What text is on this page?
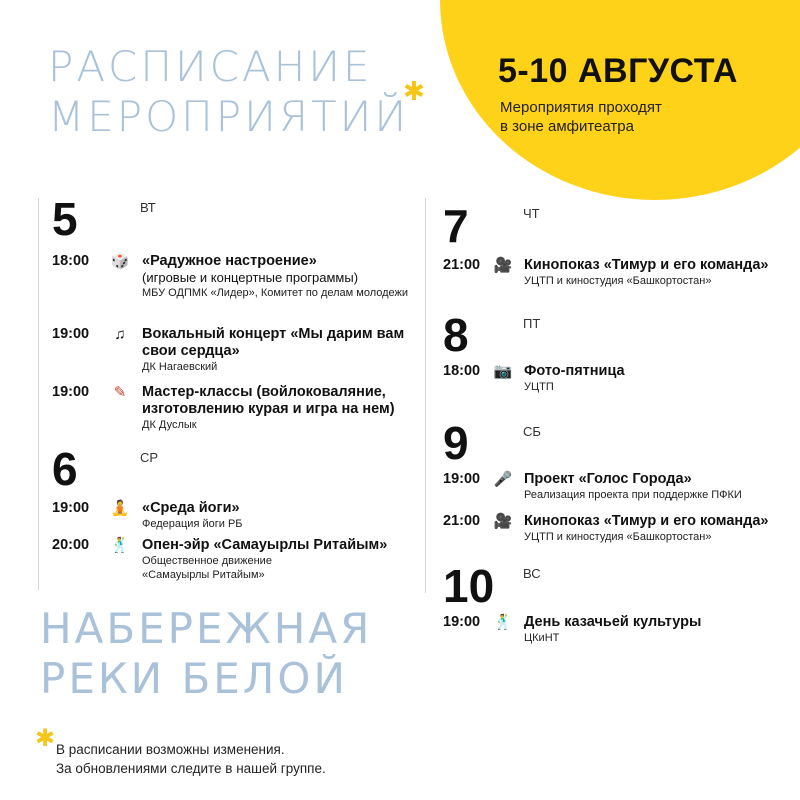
РАСПИСАНИЕ
МЕРОПРИЯТИЙ
✱
5-10 АВГУСТА
Мероприятия проходят
в зоне амфитеатра
5	ВТ
18:00 🎲 «Радужное настроение»
(игровые и концертные программы)
МБУ ОДПМК «Лидер», Комитет по делам молодежи
19:00 ♫	Вокальный концерт «Мы дарим вам свои сердца»
ДК Нагаевский
19:00 ✎ Мастер-классы (войлоковаляние, изготовлению курая и игра на нем)
ДК Дуслык
6	СР
19:00 🧘 «Среда йоги»
Федерация йоги РБ
20:00 🕺 Опен-эйр «Самауырлы Ритайым»
Общественное движение «Самауырлы Ритайым»
7	ЧТ
21:00 🎥 Кинопоказ «Тимур и его команда»
УЦТП и киностудия «Башкортостан»
8	ПТ
18:00 📷 Фото-пятница
УЦТП
9	СБ
19:00 🎤 Проект «Голос Города»
Реализация проекта при поддержке ПФКИ
21:00 🎥 Кинопоказ «Тимур и его команда»
УЦТП и киностудия «Башкортостан»
10 ВС
19:00 🕺 День казачьей культуры
ЦКиНТ
НАБЕРЕЖНАЯ
РЕКИ БЕЛОЙ
✱ В расписании возможны изменения.
За обновлениями следите в нашей группе.
